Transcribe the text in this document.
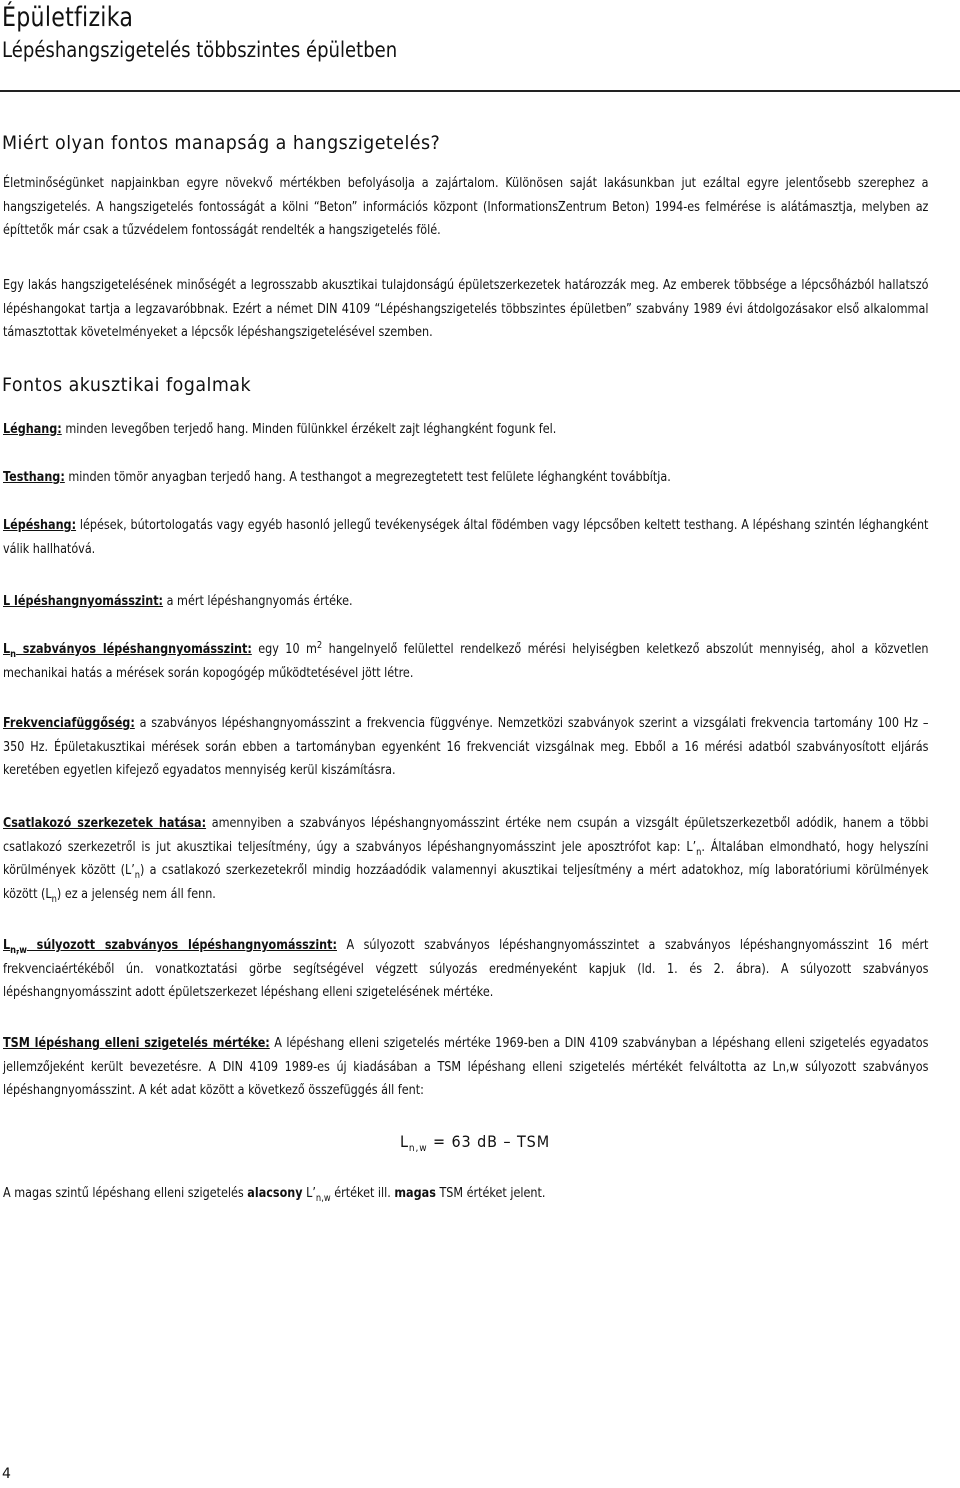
Épületfizika
Lépéshangszigetelés többszintes épületben
Miért olyan fontos manapság a hangszigetelés?
Életminőségünket napjainkban egyre növekvő mértékben befolyásolja a zajártalom. Különösen saját lakásunkban jut ezáltal egyre jelentősebb szerephez a hangszigetelés. A hangszigetelés fontosságát a kölni “Beton” információs központ (InformationsZentrum Beton) 1994-es felmérése is alátámasztja, melyben az építtetők már csak a tűzvédelem fontosságát rendelték a hangszigetelés fölé.
Egy lakás hangszigetelésének minőségét a legrosszabb akusztikai tulajdonságú épületszerkezetek határozzák meg. Az emberek többsége a lépcsőházból hallatszó lépéshangokat tartja a legzavaróbbnak. Ezért a német DIN 4109 “Lépéshangszigetelés többszintes épületben” szabvány 1989 évi átdolgozásakor első alkalommal támasztottak követelményeket a lépcsők lépéshangszigetelésével szemben.
Fontos akusztikai fogalmak
Léghang: minden levegőben terjedő hang. Minden fülünkkel érzékelt zajt léghangként fogunk fel.
Testhang: minden tömör anyagban terjedő hang. A testhangot a megrezegtetett test felülete léghangként továbbítja.
Lépéshang: lépések, bútortologatás vagy egyéb hasonló jellegű tevékenységek által födémben vagy lépcsőben keltett testhang. A lépéshang szintén léghangként válik hallhatóvá.
L lépéshangnyomásszint: a mért lépéshangnyomás értéke.
$L_n$ szabványos lépéshangnyomásszint: egy 10 $m^2$ hangelnyelő felülettel rendelkező mérési helyiségben keletkező abszolút mennyiség, ahol a közvetlen mechanikai hatás a mérések során kopogógép működtetésével jött létre.
Frekvenciafüggőség: a szabványos lépéshangnyomásszint a frekvencia függvénye. Nemzetközi szabványok szerint a vizsgálati frekvencia tartomány 100 Hz – 350 Hz. Épületakusztikai mérések során ebben a tartományban egyenként 16 frekvenciát vizsgálnak meg. Ebből a 16 mérési adatból szabványosított eljárás keretében egyetlen kifejező egyadatos mennyiség kerül kiszámításra.
Csatlakozó szerkezetek hatása: amennyiben a szabványos lépéshangnyomásszint értéke nem csupán a vizsgált épületszerkezetből adódik, hanem a többi csatlakozó szerkezetről is jut akusztikai teljesítmény, úgy a szabványos lépéshangnyomásszint jele aposztrófot kap: $L’_n$. Általában elmondható, hogy helyszíni körülmények között $(L’_n)$ a csatlakozó szerkezetekről mindig hozzáadódik valamennyi akusztikai teljesítmény a mért adatokhoz, míg laboratóriumi körülmények között $(L_n)$ ez a jelenség nem áll fenn.
$L_{n,w}$ súlyozott szabványos lépéshangnyomásszint: A súlyozott szabványos lépéshangnyomásszintet a szabványos lépéshangnyomásszint 16 mért frekvenciaértékéből ún. vonatkoztatási görbe segítségével végzett súlyozás eredményeként kapjuk (ld. 1. és 2. ábra). A súlyozott szabványos lépéshangnyomásszint adott épületszerkezet lépéshang elleni szigetelésének mértéke.
TSM lépéshang elleni szigetelés mértéke: A lépéshang elleni szigetelés mértéke 1969-ben a DIN 4109 szabványban a lépéshang elleni szigetelés egyadatos jellemzőjeként került bevezetésre. A DIN 4109 1989-es új kiadásában a TSM lépéshang elleni szigetelés mértékét felváltotta az Ln,w súlyozott szabványos lépéshangnyomásszint. A két adat között a következő összefüggés áll fent:
$L_{n,w} = 63$ dB – TSM
A magas szintű lépéshang elleni szigetelés alacsony $L’_{n,w}$ értéket ill. magas TSM értéket jelent.
4
